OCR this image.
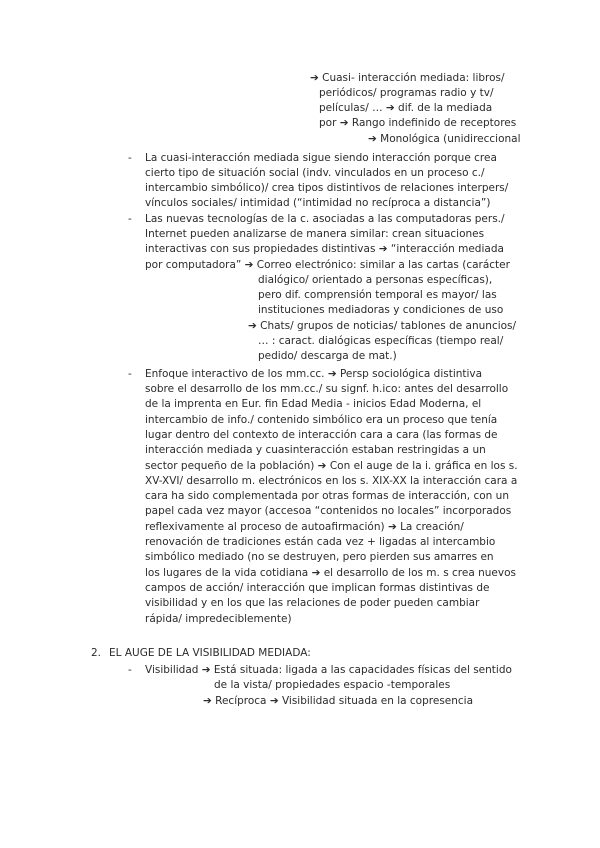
➔ Cuasi- interacción mediada: libros/
periódicos/ programas radio y tv/
películas/ … ➔ dif. de la mediada
por ➔ Rango indefinido de receptores
➔ Monológica (unidireccional
- La cuasi-interacción mediada sigue siendo interacción porque crea
cierto tipo de situación social (indv. vinculados en un proceso c./
intercambio simbólico)/ crea tipos distintivos de relaciones interpers/
vínculos sociales/ intimidad (“intimidad no recíproca a distancia”)
- Las nuevas tecnologías de la c. asociadas a las computadoras pers./
Internet pueden analizarse de manera similar: crean situaciones
interactivas con sus propiedades distintivas ➔ “interacción mediada
por computadora” ➔ Correo electrónico: similar a las cartas (carácter
dialógico/ orientado a personas específicas),
pero dif. comprensión temporal es mayor/ las
instituciones mediadoras y condiciones de uso
➔ Chats/ grupos de noticias/ tablones de anuncios/
… : caract. dialógicas específicas (tiempo real/
pedido/ descarga de mat.)
- Enfoque interactivo de los mm.cc. ➔ Persp sociológica distintiva
sobre el desarrollo de los mm.cc./ su signf. h.ico: antes del desarrollo
de la imprenta en Eur. fin Edad Media - inicios Edad Moderna, el
intercambio de info./ contenido simbólico era un proceso que tenía
lugar dentro del contexto de interacción cara a cara (las formas de
interacción mediada y cuasinteracción estaban restringidas a un
sector pequeño de la población) ➔ Con el auge de la i. gráfica en los s.
XV-XVI/ desarrollo m. electrónicos en los s. XIX-XX la interacción cara a
cara ha sido complementada por otras formas de interacción, con un
papel cada vez mayor (accesoa “contenidos no locales” incorporados
reflexivamente al proceso de autoafirmación) ➔ La creación/
renovación de tradiciones están cada vez + ligadas al intercambio
simbólico mediado (no se destruyen, pero pierden sus amarres en
los lugares de la vida cotidiana ➔ el desarrollo de los m. s crea nuevos
campos de acción/ interacción que implican formas distintivas de
visibilidad y en los que las relaciones de poder pueden cambiar
rápida/ impredeciblemente)
2. EL AUGE DE LA VISIBILIDAD MEDIADA:
- Visibilidad ➔ Está situada: ligada a las capacidades físicas del sentido
de la vista/ propiedades espacio -temporales
➔ Recíproca ➔ Visibilidad situada en la copresencia
